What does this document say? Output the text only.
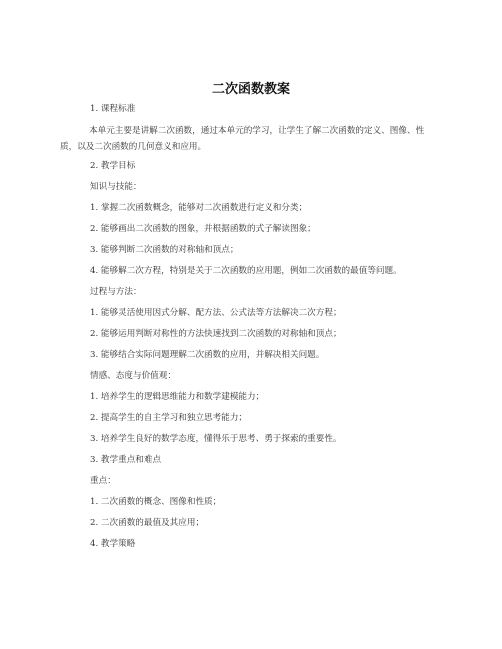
二次函数教案
1. 课程标准
本单元主要是讲解二次函数，通过本单元的学习，让学生了解二次函数的定义、图像、性质，以及二次函数的几何意义和应用。
2. 教学目标
知识与技能：
1. 掌握二次函数概念，能够对二次函数进行定义和分类；
2. 能够画出二次函数的图象，并根据函数的式子解读图象；
3. 能够判断二次函数的对称轴和顶点；
4. 能够解二次方程，特别是关于二次函数的应用题，例如二次函数的最值等问题。
过程与方法：
1. 能够灵活使用因式分解、配方法、公式法等方法解决二次方程；
2. 能够运用判断对称性的方法快速找到二次函数的对称轴和顶点；
3. 能够结合实际问题理解二次函数的应用，并解决相关问题。
情感、态度与价值观：
1. 培养学生的逻辑思维能力和数学建模能力；
2. 提高学生的自主学习和独立思考能力；
3. 培养学生良好的数学态度，懂得乐于思考、勇于探索的重要性。
3. 教学重点和难点
重点：
1. 二次函数的概念、图像和性质；
2. 二次函数的最值及其应用；
4. 教学策略
